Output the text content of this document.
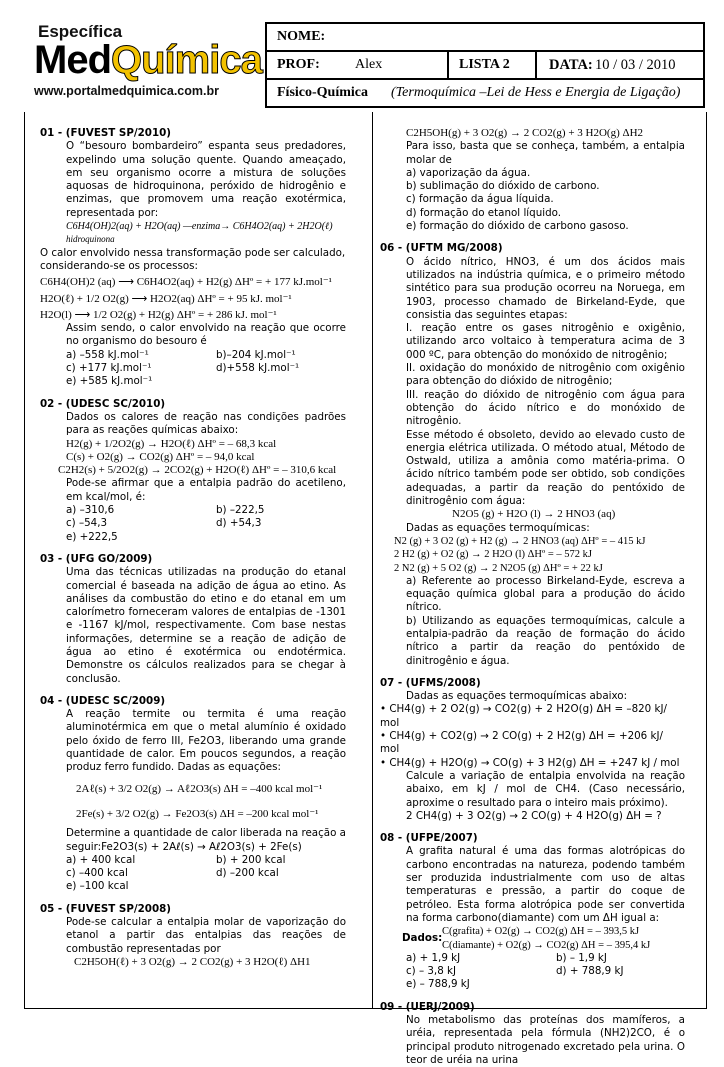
Específica
MedQuímica
www.portalmedquimica.com.br
NOME:
PROF:	Alex	LISTA 2	DATA: 10 / 03 / 2010
Físico-Química (Termoquímica –Lei de Hess e Energia de Ligação)
01 - (FUVEST SP/2010)

O “besouro bombardeiro” espanta seus predadores, expelindo uma solução quente. Quando ameaçado, em seu organismo ocorre a mistura de soluções aquosas de hidroquinona, peróxido de hidrogênio e enzimas, que promovem uma reação exotérmica, representada por:

C6H4(OH)2(aq) + H2O(aq) —enzima→ C6H4O2(aq) + 2H2O(ℓ)

hidroquinona

O calor envolvido nessa transformação pode ser calculado, considerando-se os processos:

C6H4(OH)2 (aq) ⟶ C6H4O2(aq) + H2(g) ΔHº = + 177 kJ.mol⁻¹

H2O(ℓ) + 1/2 O2(g) ⟶ H2O2(aq) ΔHº = + 95 kJ. mol⁻¹

H2O(l) ⟶ 1/2 O2(g) + H2(g) ΔHº = + 286 kJ. mol⁻¹

Assim sendo, o calor envolvido na reação que ocorre no organismo do besouro é

a) –558 kJ.mol⁻¹	b)–204 kJ.mol⁻¹
c) +177 kJ.mol⁻¹	d)+558 kJ.mol⁻¹
e) +585 kJ.mol⁻¹
02 - (UDESC SC/2010)

Dados os calores de reação nas condições padrões para as reações químicas abaixo:

H2(g) + 1/2O2(g) → H2O(ℓ) ΔHº = – 68,3 kcal

C(s) + O2(g) → CO2(g) ΔHº = – 94,0 kcal

C2H2(s) + 5/2O2(g) → 2CO2(g) + H2O(ℓ) ΔHº = – 310,6 kcal

Pode-se afirmar que a entalpia padrão do acetileno, em kcal/mol, é:

a) –310,6	b) –222,5
c) –54,3	d) +54,3
e) +222,5
03 - (UFG GO/2009)

Uma das técnicas utilizadas na produção do etanal comercial é baseada na adição de água ao etino. As análises da combustão do etino e do etanal em um calorímetro forneceram valores de entalpias de -1301 e -1167 kJ/mol, respectivamente. Com base nestas informações, determine se a reação de adição de água ao etino é exotérmica ou endotérmica. Demonstre os cálculos realizados para se chegar à conclusão.

04 - (UDESC SC/2009)

A reação termite ou termita é uma reação aluminotérmica em que o metal alumínio é oxidado pelo óxido de ferro III, Fe2O3, liberando uma grande quantidade de calor. Em poucos segundos, a reação produz ferro fundido. Dadas as equações:

2Aℓ(s) + 3/2 O2(g) → Aℓ2O3(s) ΔH = –400 kcal mol⁻¹

2Fe(s) + 3/2 O2(g) → Fe2O3(s) ΔH = –200 kcal mol⁻¹

Determine a quantidade de calor liberada na reação a seguir:Fe2O3(s) + 2Aℓ(s) → Aℓ2O3(s) + 2Fe(s)

a) + 400 kcal	b) + 200 kcal
c) –400 kcal	d) –200 kcal
e) –100 kcal
05 - (FUVEST SP/2008)

Pode-se calcular a entalpia molar de vaporização do etanol a partir das entalpias das reações de combustão representadas por

C2H5OH(ℓ) + 3 O2(g) → 2 CO2(g) + 3 H2O(ℓ) ΔH1

C2H5OH(g) + 3 O2(g) → 2 CO2(g) + 3 H2O(g) ΔH2

Para isso, basta que se conheça, também, a entalpia molar de

a) vaporização da água.
b) sublimação do dióxido de carbono.
c) formação da água líquida.
d) formação do etanol líquido.
e) formação do dióxido de carbono gasoso.
06 - (UFTM MG/2008)

O ácido nítrico, HNO3, é um dos ácidos mais utilizados na indústria química, e o primeiro método sintético para sua produção ocorreu na Noruega, em 1903, processo chamado de Birkeland-Eyde, que consistia das seguintes etapas:

I. reação entre os gases nitrogênio e oxigênio, utilizando arco voltaico à temperatura acima de 3 000 ºC, para obtenção do monóxido de nitrogênio;

II. oxidação do monóxido de nitrogênio com oxigênio para obtenção do dióxido de nitrogênio;

III. reação do dióxido de nitrogênio com água para obtenção do ácido nítrico e do monóxido de nitrogênio.

Esse método é obsoleto, devido ao elevado custo de energia elétrica utilizada. O método atual, Método de Ostwald, utiliza a amônia como matéria-prima. O ácido nítrico também pode ser obtido, sob condições adequadas, a partir da reação do pentóxido de dinitrogênio com água:

N2O5 (g) + H2O (l) → 2 HNO3 (aq)

Dadas as equações termoquímicas:

N2 (g) + 3 O2 (g) + H2 (g) → 2 HNO3 (aq) ΔHº = – 415 kJ

2 H2 (g) + O2 (g) → 2 H2O (l) ΔHº = – 572 kJ

2 N2 (g) + 5 O2 (g) → 2 N2O5 (g) ΔHº = + 22 kJ

a) Referente ao processo Birkeland-Eyde, escreva a equação química global para a produção do ácido nítrico.

b) Utilizando as equações termoquímicas, calcule a entalpia-padrão da reação de formação do ácido nítrico a partir da reação do pentóxido de dinitrogênio e água.

07 - (UFMS/2008)

Dadas as equações termoquímicas abaixo:

• CH4(g) + 2 O2(g) → CO2(g) + 2 H2O(g) ΔH = –820 kJ/ mol

• CH4(g) + CO2(g) → 2 CO(g) + 2 H2(g) ΔH = +206 kJ/ mol

• CH4(g) + H2O(g) → CO(g) + 3 H2(g) ΔH = +247 kJ / mol

Calcule a variação de entalpia envolvida na reação abaixo, em kJ / mol de CH4. (Caso necessário, aproxime o resultado para o inteiro mais próximo).

2 CH4(g) + 3 O2(g) → 2 CO(g) + 4 H2O(g) ΔH = ?

08 - (UFPE/2007)

A grafita natural é uma das formas alotrópicas do carbono encontradas na natureza, podendo também ser produzida industrialmente com uso de altas temperaturas e pressão, a partir do coque de petróleo. Esta forma alotrópica pode ser convertida na forma carbono(diamante) com um ΔH igual a:

Dados:

C(grafita) + O2(g) → CO2(g) ΔH = – 393,5 kJ

C(diamante) + O2(g) → CO2(g) ΔH = – 395,4 kJ

a) + 1,9 kJ	b) – 1,9 kJ
c) – 3,8 kJ	d) + 788,9 kJ
e) – 788,9 kJ
09 - (UERJ/2009)

No metabolismo das proteínas dos mamíferos, a uréia, representada pela fórmula (NH2)2CO, é o principal produto nitrogenado excretado pela urina. O teor de uréia na urina
